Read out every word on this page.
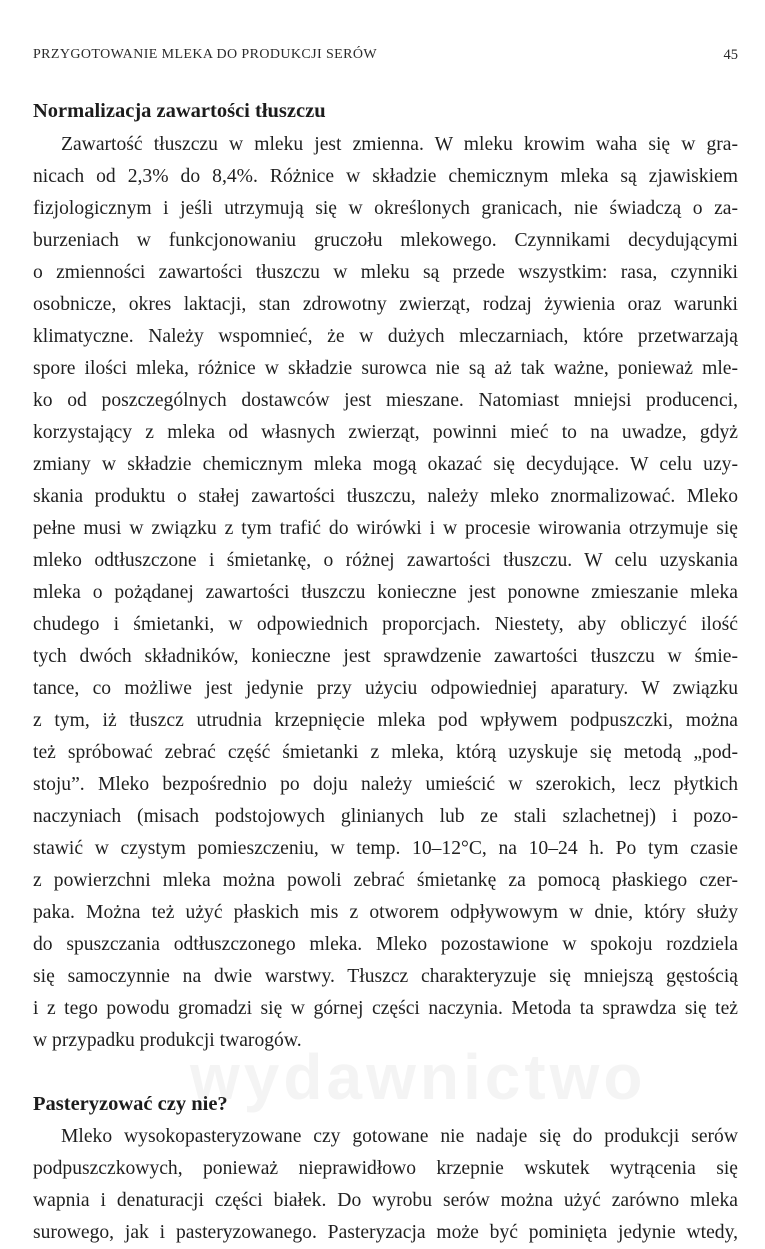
PRZYGOTOWANIE MLEKA DO PRODUKCJI SERÓW	45
Normalizacja zawartości tłuszczu
Zawartość tłuszczu w mleku jest zmienna. W mleku krowim waha się w gra-
nicach od 2,3% do 8,4%. Różnice w składzie chemicznym mleka są zjawiskiem
fizjologicznym i jeśli utrzymują się w określonych granicach, nie świadczą o za-
burzeniach w funkcjonowaniu gruczołu mlekowego. Czynnikami decydującymi
o zmienności zawartości tłuszczu w mleku są przede wszystkim: rasa, czynniki
osobnicze, okres laktacji, stan zdrowotny zwierząt, rodzaj żywienia oraz warunki
klimatyczne. Należy wspomnieć, że w dużych mleczarniach, które przetwarzają
spore ilości mleka, różnice w składzie surowca nie są aż tak ważne, ponieważ mle-
ko od poszczególnych dostawców jest mieszane. Natomiast mniejsi producenci,
korzystający z mleka od własnych zwierząt, powinni mieć to na uwadze, gdyż
zmiany w składzie chemicznym mleka mogą okazać się decydujące. W celu uzy-
skania produktu o stałej zawartości tłuszczu, należy mleko znormalizować. Mleko
pełne musi w związku z tym trafić do wirówki i w procesie wirowania otrzymuje się
mleko odtłuszczone i śmietankę, o różnej zawartości tłuszczu. W celu uzyskania
mleka o pożądanej zawartości tłuszczu konieczne jest ponowne zmieszanie mleka
chudego i śmietanki, w odpowiednich proporcjach. Niestety, aby obliczyć ilość
tych dwóch składników, konieczne jest sprawdzenie zawartości tłuszczu w śmie-
tance, co możliwe jest jedynie przy użyciu odpowiedniej aparatury. W związku
z tym, iż tłuszcz utrudnia krzepnięcie mleka pod wpływem podpuszczki, można
też spróbować zebrać część śmietanki z mleka, którą uzyskuje się metodą „pod-
stoju”. Mleko bezpośrednio po doju należy umieścić w szerokich, lecz płytkich
naczyniach (misach podstojowych glinianych lub ze stali szlachetnej) i pozo-
stawić w czystym pomieszczeniu, w temp. 10–12°C, na 10–24 h. Po tym czasie
z powierzchni mleka można powoli zebrać śmietankę za pomocą płaskiego czer-
paka. Można też użyć płaskich mis z otworem odpływowym w dnie, który służy
do spuszczania odtłuszczonego mleka. Mleko pozostawione w spokoju rozdziela
się samoczynnie na dwie warstwy. Tłuszcz charakteryzuje się mniejszą gęstością
i z tego powodu gromadzi się w górnej części naczynia. Metoda ta sprawdza się też
w przypadku produkcji twarogów.
Pasteryzować czy nie?
Mleko wysokopasteryzowane czy gotowane nie nadaje się do produkcji serów
podpuszczkowych, ponieważ nieprawidłowo krzepnie wskutek wytrącenia się
wapnia i denaturacji części białek. Do wyrobu serów można użyć zarówno mleka
surowego, jak i pasteryzowanego. Pasteryzacja może być pominięta jedynie wtedy,
wydawnictwo
